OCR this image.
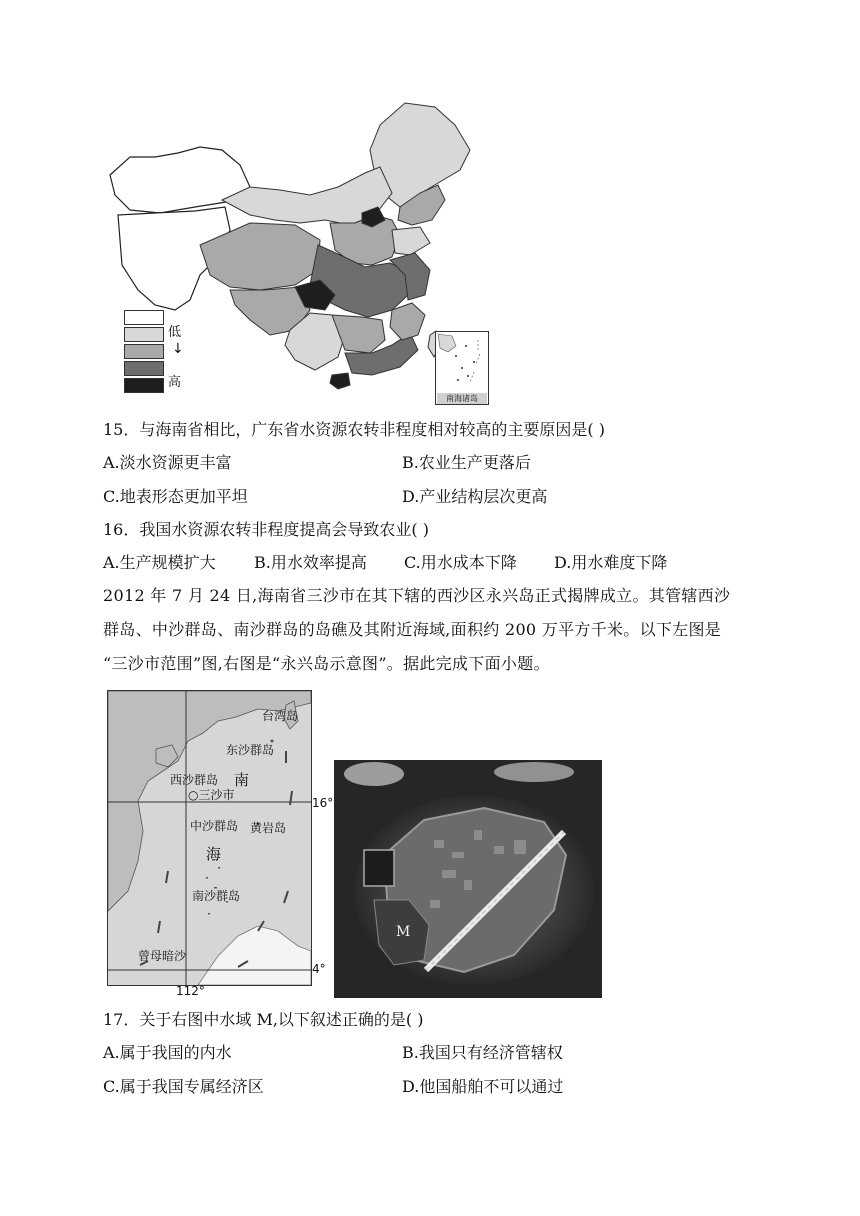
低
↓
高
南海诸岛
15．与海南省相比，广东省水资源农转非程度相对较高的主要原因是( )
A.淡水资源更丰富	B.农业生产更落后
C.地表形态更加平坦	D.产业结构层次更高
16．我国水资源农转非程度提高会导致农业( )
A.生产规模扩大 B.用水效率提高 C.用水成本下降 D.用水难度下降
2012 年 7 月 24 日,海南省三沙市在其下辖的西沙区永兴岛正式揭牌成立。其管辖西沙
群岛、中沙群岛、南沙群岛的岛礁及其附近海域,面积约 200 万平方千米。以下左图是
“三沙市范围”图,右图是“永兴岛示意图”。据此完成下面小题。
台湾岛
东沙群岛
西沙群岛 南
○三沙市
中沙群岛 黄岩岛
海
南沙群岛
曾母暗沙
16°
4°
112°
M
17．关于右图中水域 M,以下叙述正确的是( )
A.属于我国的内水	B.我国只有经济管辖权
C.属于我国专属经济区	D.他国船舶不可以通过
